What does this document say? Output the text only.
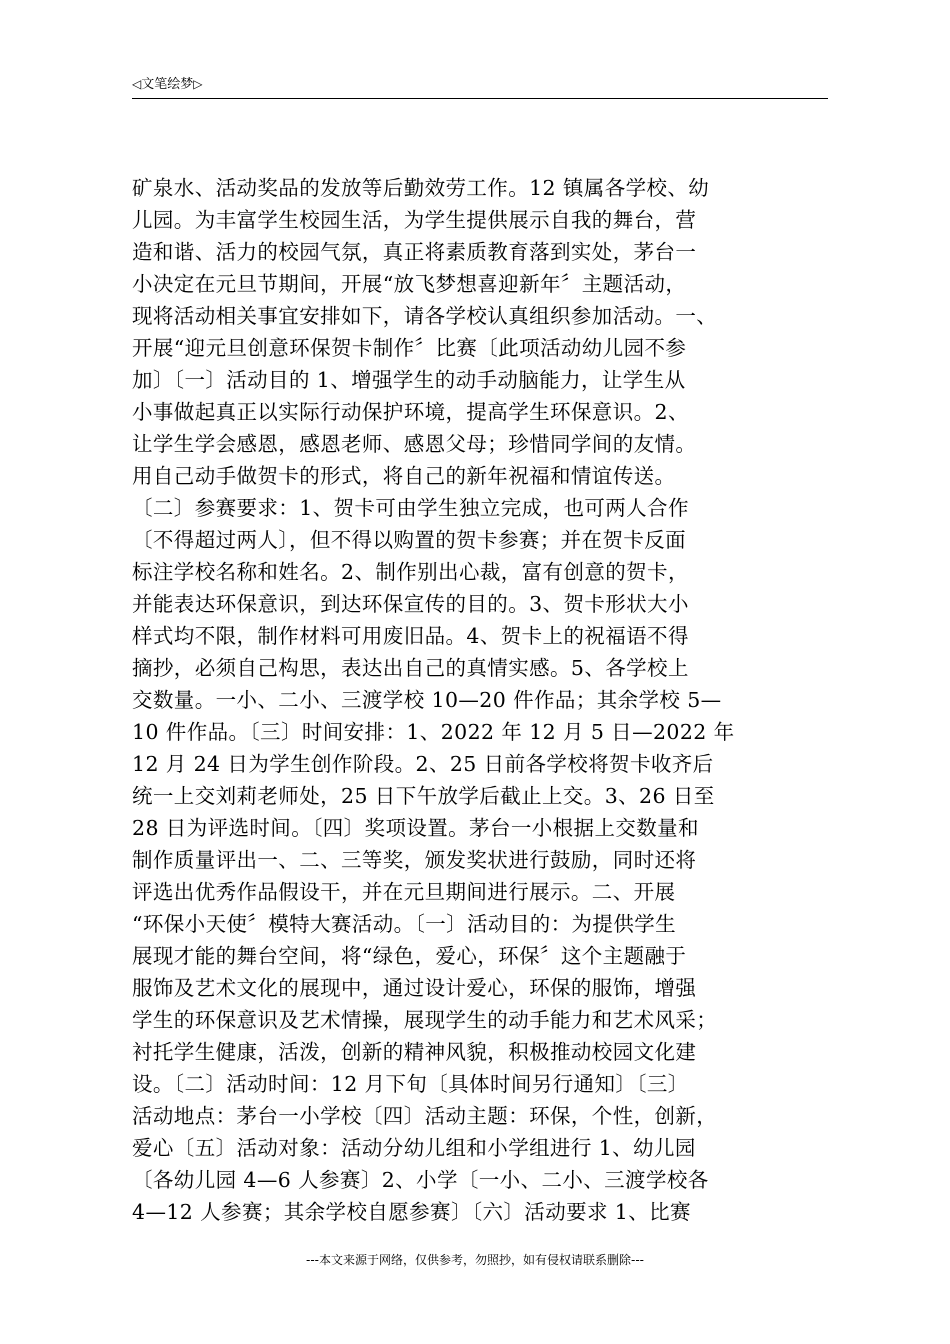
◁文笔绘梦▷
矿泉水、活动奖品的发放等后勤效劳工作。12 镇属各学校、幼
儿园。为丰富学生校园生活，为学生提供展示自我的舞台，营
造和谐、活力的校园气氛，真正将素质教育落到实处，茅台一
小决定在元旦节期间，开展“放飞梦想喜迎新年〞主题活动，
现将活动相关事宜安排如下，请各学校认真组织参加活动。一、
开展“迎元旦创意环保贺卡制作〞比赛〔此项活动幼儿园不参
加〕〔一〕活动目的 1、增强学生的动手动脑能力，让学生从
小事做起真正以实际行动保护环境，提高学生环保意识。2、
让学生学会感恩，感恩老师、感恩父母；珍惜同学间的友情。
用自己动手做贺卡的形式，将自己的新年祝福和情谊传送。
〔二〕参赛要求：1、贺卡可由学生独立完成，也可两人合作
〔不得超过两人〕，但不得以购置的贺卡参赛；并在贺卡反面
标注学校名称和姓名。2、制作别出心裁，富有创意的贺卡，
并能表达环保意识，到达环保宣传的目的。3、贺卡形状大小
样式均不限，制作材料可用废旧品。4、贺卡上的祝福语不得
摘抄，必须自己构思，表达出自己的真情实感。5、各学校上
交数量。一小、二小、三渡学校 10—20 件作品；其余学校 5—
10 件作品。〔三〕时间安排：1、2022 年 12 月 5 日—2022 年
12 月 24 日为学生创作阶段。2、25 日前各学校将贺卡收齐后
统一上交刘莉老师处，25 日下午放学后截止上交。3、26 日至
28 日为评选时间。〔四〕奖项设置。茅台一小根据上交数量和
制作质量评出一、二、三等奖，颁发奖状进行鼓励，同时还将
评选出优秀作品假设干，并在元旦期间进行展示。二、开展
“环保小天使〞模特大赛活动。〔一〕活动目的：为提供学生
展现才能的舞台空间，将“绿色，爱心，环保〞这个主题融于
服饰及艺术文化的展现中，通过设计爱心，环保的服饰，增强
学生的环保意识及艺术情操，展现学生的动手能力和艺术风采；
衬托学生健康，活泼，创新的精神风貌，积极推动校园文化建
设。〔二〕活动时间：12 月下旬〔具体时间另行通知〕〔三〕
活动地点：茅台一小学校〔四〕活动主题：环保，个性，创新，
爱心〔五〕活动对象：活动分幼儿组和小学组进行 1、幼儿园
〔各幼儿园 4—6 人参赛〕2、小学〔一小、二小、三渡学校各
4—12 人参赛；其余学校自愿参赛〕〔六〕活动要求 1、比赛
---本文来源于网络，仅供参考，勿照抄，如有侵权请联系删除---
